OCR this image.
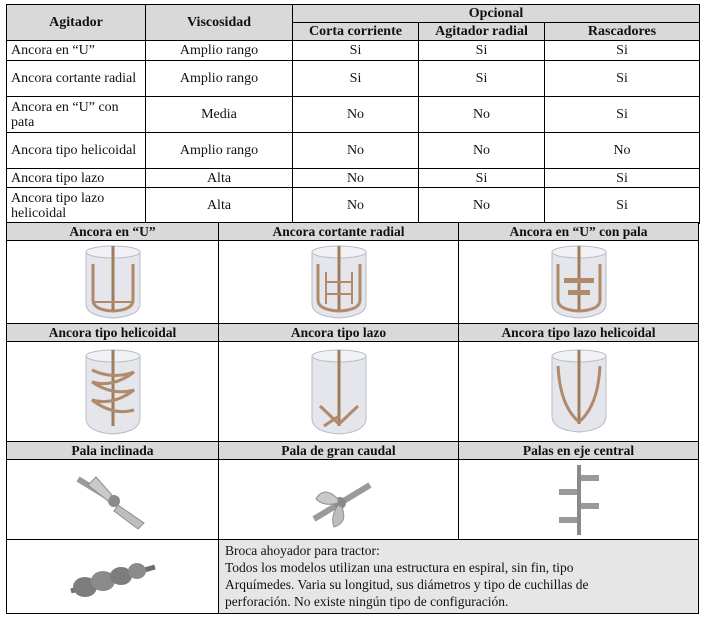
Agitador	Viscosidad	Opcional		
		Corta corriente	Agitador radial	Rascadores
Ancora en “U”	Amplio rango	Si	Si	Si
Ancora cortante radial	Amplio rango	Si	Si	Si
Ancora en “U” con pata	Media	No	No	Si
Ancora tipo helicoidal	Amplio rango	No	No	No
Ancora tipo lazo	Alta	No	Si	Si
Ancora tipo lazo helicoidal	Alta	No	No	Si
Ancora en “U”	Ancora cortante radial	Ancora en “U” con pala
Ancora tipo helicoidal	Ancora tipo lazo	Ancora tipo lazo helicoidal
Pala inclinada	Pala de gran caudal	Palas en eje central

Broca ahoyador para tractor:

Todos los modelos utilizan una estructura en espiral, sin fin, tipo

Arquímedes. Varia su longitud, sus diámetros y tipo de cuchillas de

perforación. No existe ningún tipo de configuración.
